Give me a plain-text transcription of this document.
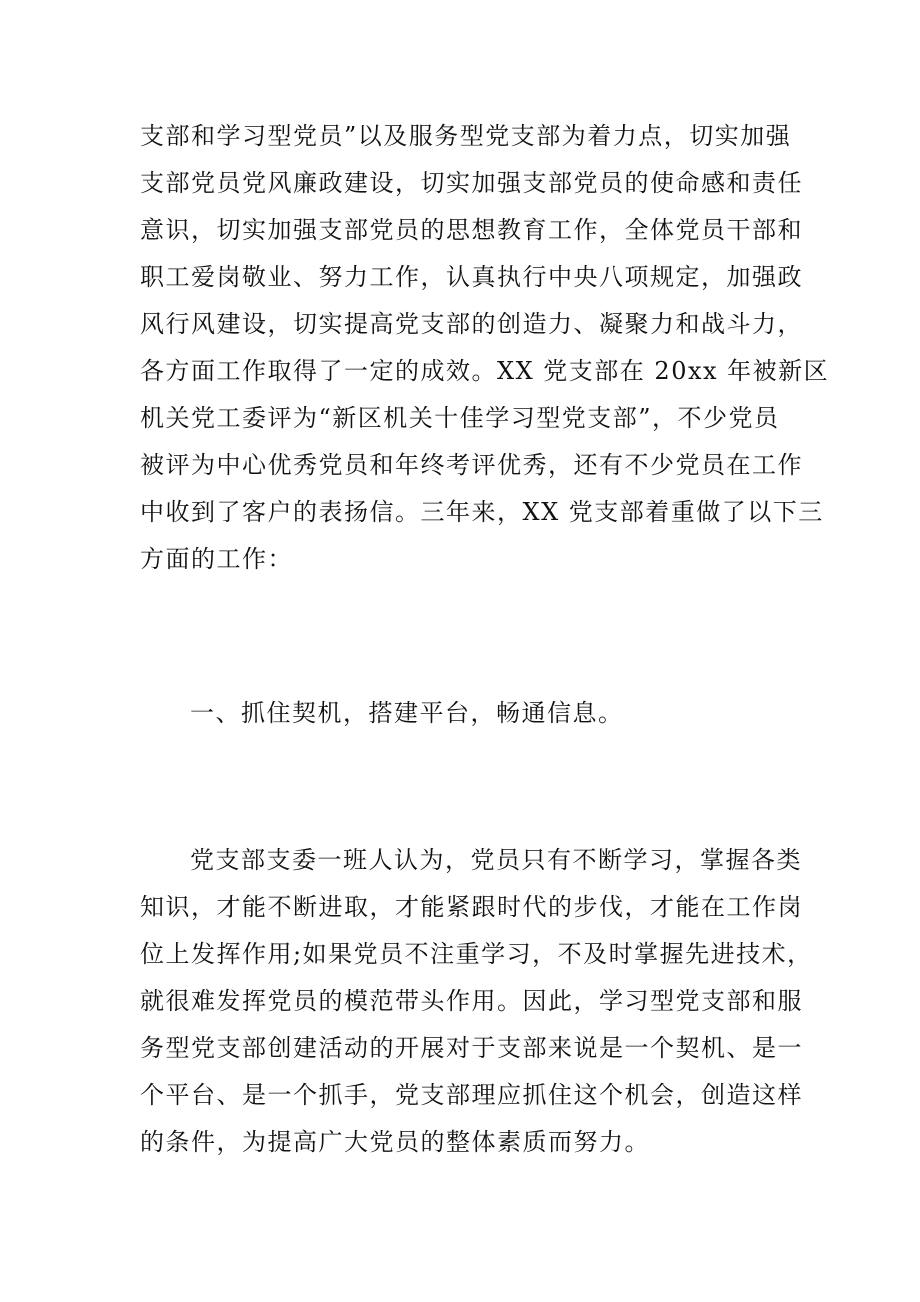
支部和学习型党员”以及服务型党支部为着力点，切实加强
支部党员党风廉政建设，切实加强支部党员的使命感和责任
意识，切实加强支部党员的思想教育工作，全体党员干部和
职工爱岗敬业、努力工作，认真执行中央八项规定，加强政
风行风建设，切实提高党支部的创造力、凝聚力和战斗力，
各方面工作取得了一定的成效。XX 党支部在 20xx 年被新区
机关党工委评为“新区机关十佳学习型党支部”，不少党员
被评为中心优秀党员和年终考评优秀，还有不少党员在工作
中收到了客户的表扬信。三年来，XX 党支部着重做了以下三
方面的工作：
一、抓住契机，搭建平台，畅通信息。
党支部支委一班人认为，党员只有不断学习，掌握各类
知识，才能不断进取，才能紧跟时代的步伐，才能在工作岗
位上发挥作用;如果党员不注重学习，不及时掌握先进技术，
就很难发挥党员的模范带头作用。因此，学习型党支部和服
务型党支部创建活动的开展对于支部来说是一个契机、是一
个平台、是一个抓手，党支部理应抓住这个机会，创造这样
的条件，为提高广大党员的整体素质而努力。
